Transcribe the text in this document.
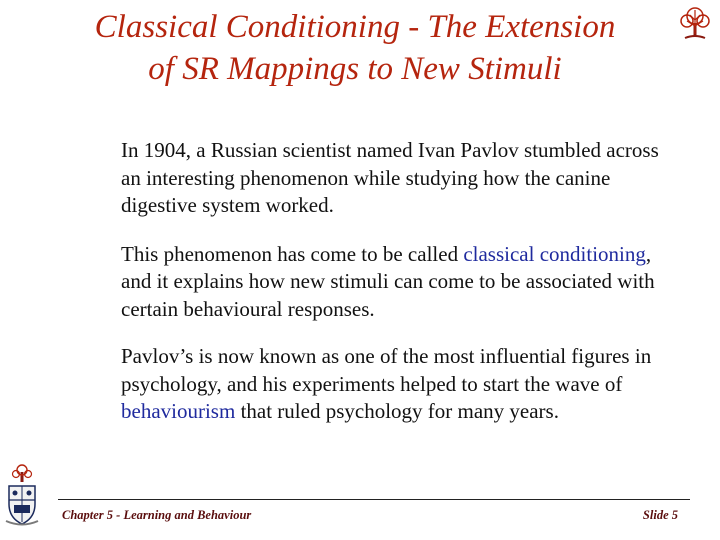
Classical Conditioning - The Extension
of SR Mappings to New Stimuli

In 1904, a Russian scientist named Ivan Pavlov stumbled across an interesting phenomenon while studying how the canine digestive system worked.

This phenomenon has come to be called classical conditioning, and it explains how new stimuli can come to be associated with certain behavioural responses.

Pavlov’s is now known as one of the most influential figures in psychology, and his experiments helped to start the wave of behaviourism that ruled psychology for many years.

Chapter 5 - Learning and Behaviour	Slide 5
